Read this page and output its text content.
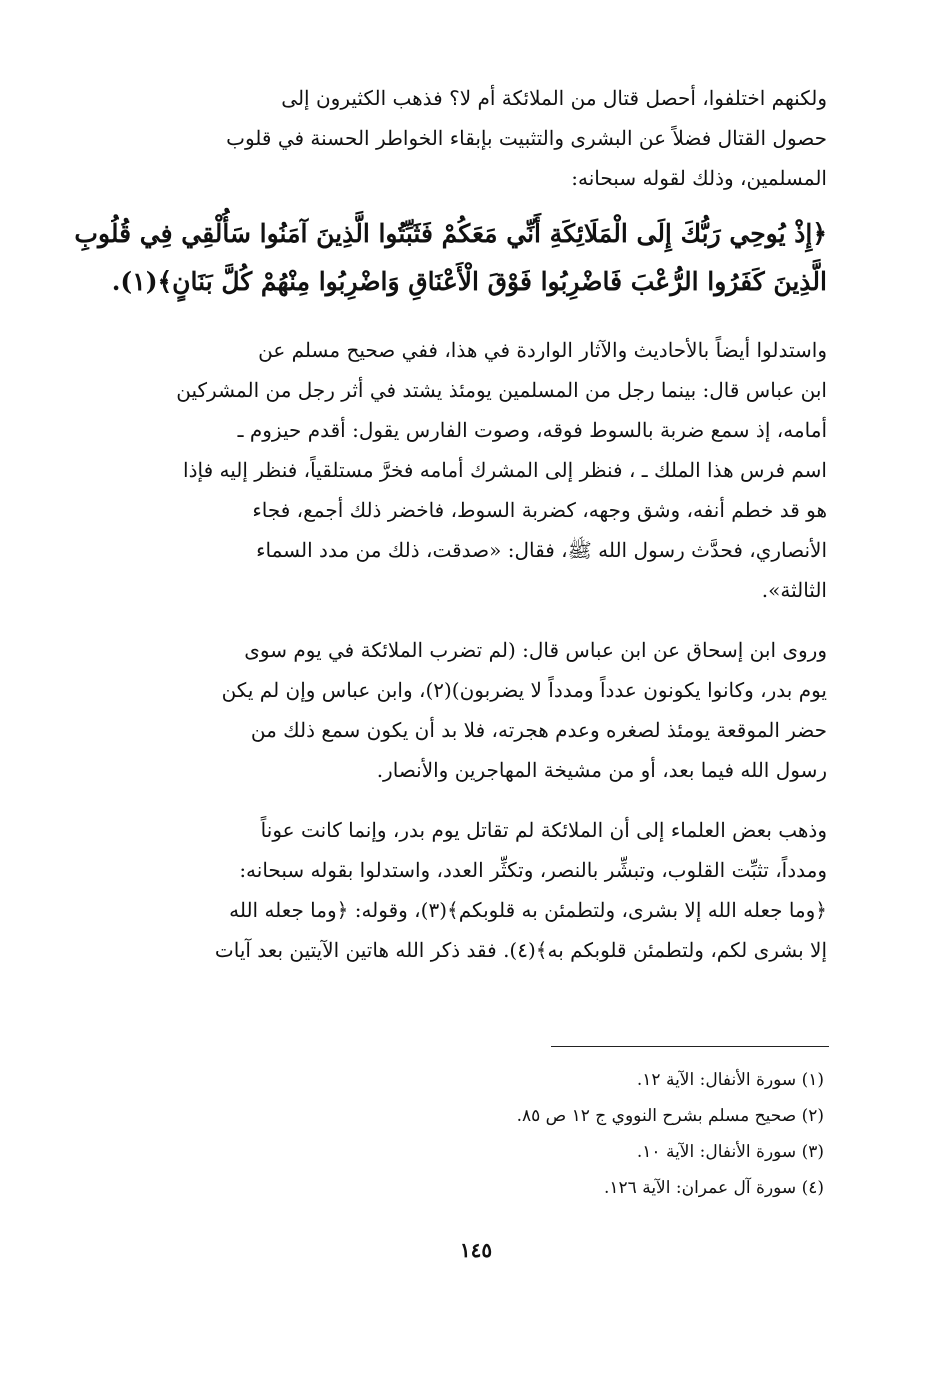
ولكنهم اختلفوا، أحصل قتال من الملائكة أم لا؟ فذهب الكثيرون إلى
حصول القتال فضلاً عن البشرى والتثبيت بإبقاء الخواطر الحسنة في قلوب
المسلمين، وذلك لقوله سبحانه:

﴿إِذْ يُوحِي رَبُّكَ إِلَى الْمَلَائِكَةِ أَنِّي مَعَكُمْ فَثَبِّتُوا الَّذِينَ آمَنُوا سَأُلْقِي فِي قُلُوبِ
الَّذِينَ كَفَرُوا الرُّعْبَ فَاضْرِبُوا فَوْقَ الْأَعْنَاقِ وَاضْرِبُوا مِنْهُمْ كُلَّ بَنَانٍ﴾(١).

واستدلوا أيضاً بالأحاديث والآثار الواردة في هذا، ففي صحيح مسلم عن
ابن عباس قال: بينما رجل من المسلمين يومئذ يشتد في أثر رجل من المشركين
أمامه، إذ سمع ضربة بالسوط فوقه، وصوت الفارس يقول: أقدم حيزوم ـ
اسم فرس هذا الملك ـ ، فنظر إلى المشرك أمامه فخرَّ مستلقياً، فنظر إليه فإذا
هو قد خطم أنفه، وشق وجهه، كضربة السوط، فاخضر ذلك أجمع، فجاء
الأنصاري، فحدَّث رسول الله ﷺ، فقال: «صدقت، ذلك من مدد السماء
الثالثة».

وروى ابن إسحاق عن ابن عباس قال: (لم تضرب الملائكة في يوم سوى
يوم بدر، وكانوا يكونون عدداً ومدداً لا يضربون)(٢)، وابن عباس وإن لم يكن
حضر الموقعة يومئذ لصغره وعدم هجرته، فلا بد أن يكون سمع ذلك من
رسول الله فيما بعد، أو من مشيخة المهاجرين والأنصار.

وذهب بعض العلماء إلى أن الملائكة لم تقاتل يوم بدر، وإنما كانت عوناً
ومدداً، تثبِّت القلوب، وتبشِّر بالنصر، وتكثِّر العدد، واستدلوا بقوله سبحانه:
﴿وما جعله الله إلا بشرى، ولتطمئن به قلوبكم﴾(٣)، وقوله: ﴿وما جعله الله
إلا بشرى لكم، ولتطمئن قلوبكم به﴾(٤). فقد ذكر الله هاتين الآيتين بعد آيات

(١) سورة الأنفال: الآية ١٢.
(٢) صحيح مسلم بشرح النووي ج ١٢ ص ٨٥.
(٣) سورة الأنفال: الآية ١٠.
(٤) سورة آل عمران: الآية ١٢٦.
١٤٥
